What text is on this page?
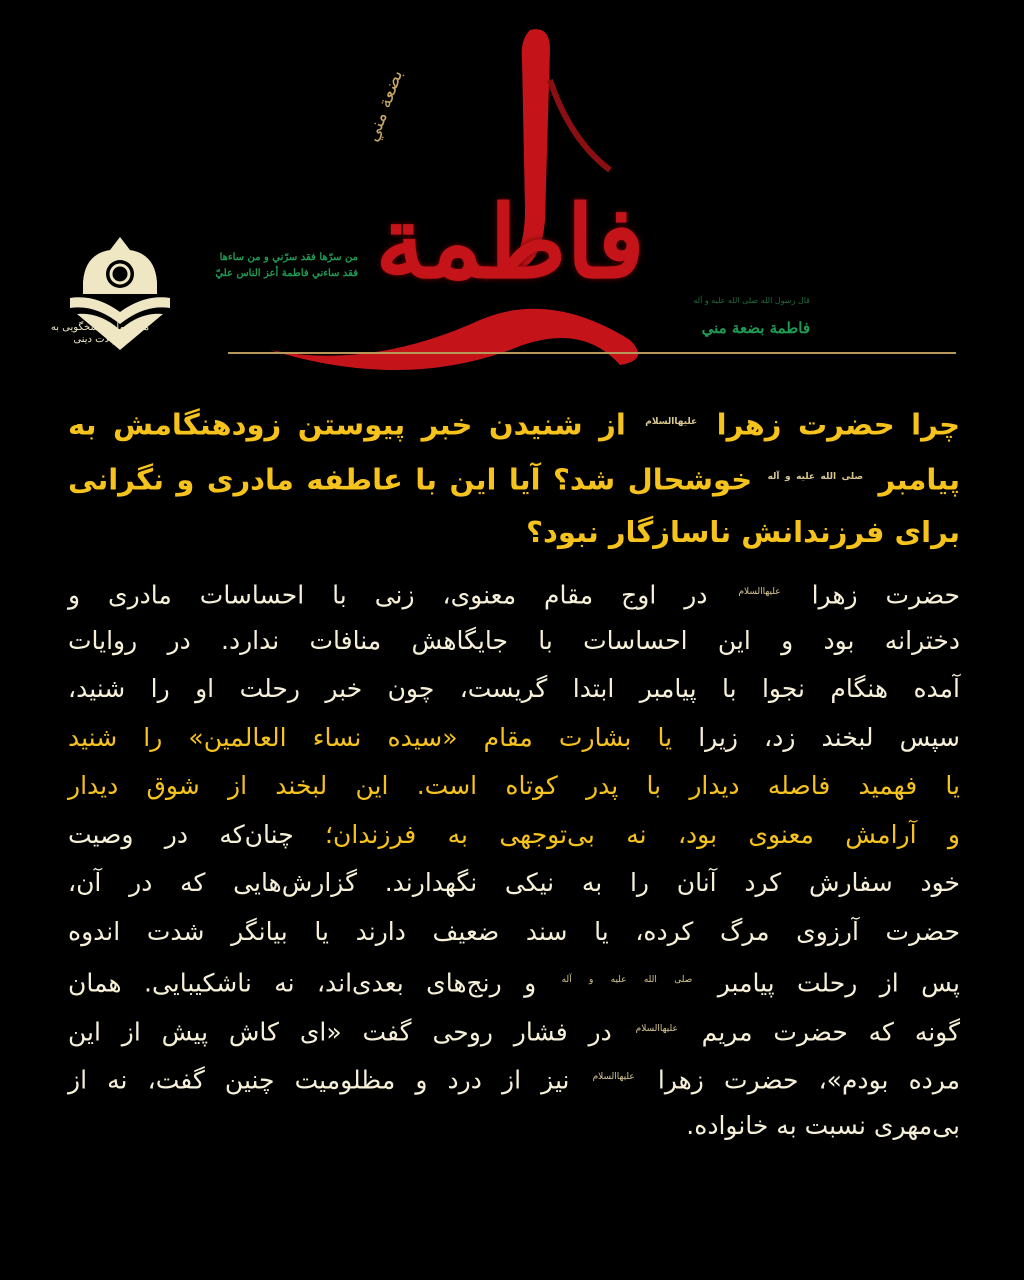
مرکز ملی پاسخگویی به سوالات دینی
من سرّها فقد سرّني و من ساءها
فقد ساءني فاطمة أعز الناس عليّ فاطمة
بضعة مني
قال رسول الله صلی الله علیه و آله
فاطمة بضعة مني
چرا حضرت زهرا $^{علیهاالسلام}$ از شنیدن خبر پیوستن زودهنگامش به
پیامبر $^{صلی الله علیه و آله}$ خوشحال شد؟ آیا این با عاطفه مادری و نگرانی
برای فرزندانش ناسازگار نبود؟
حضرت زهرا $^{علیهاالسلام}$ در اوج مقام معنوی، زنی با احساسات مادری و
دخترانه بود و این احساسات با جایگاهش منافات ندارد. در روایات
آمده هنگام نجوا با پیامبر ابتدا گریست، چون خبر رحلت او را شنید،
سپس لبخند زد، زیرا یا بشارت مقام «سیده نساء العالمین» را شنید
یا فهمید فاصله دیدار با پدر کوتاه است. این لبخند از شوق دیدار
و آرامش معنوی بود، نه بی‌توجهی به فرزندان؛ چنان‌که در وصیت
خود سفارش کرد آنان را به نیکی نگهدارند. گزارش‌هایی که در آن،
حضرت آرزوی مرگ کرده، یا سند ضعیف دارند یا بیانگر شدت اندوه
پس از رحلت پیامبر $^{صلی الله علیه و آله}$ و رنج‌های بعدی‌اند، نه ناشکیبایی. همان
گونه که حضرت مریم $^{علیهاالسلام}$ در فشار روحی گفت «ای کاش پیش از این
مرده بودم»، حضرت زهرا $^{علیهاالسلام}$ نیز از درد و مظلومیت چنین گفت، نه از
بی‌مهری نسبت به خانواده.
